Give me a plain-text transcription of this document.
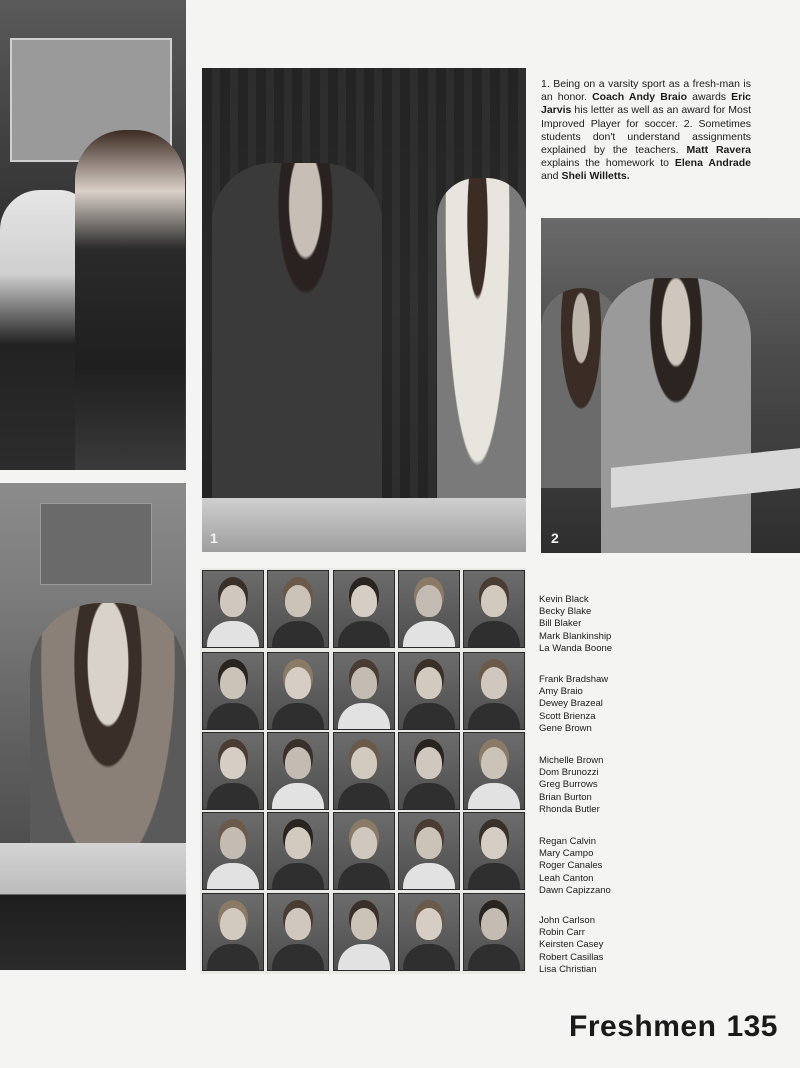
1	2
1. Being on a varsity sport as a fresh-man is an honor. Coach Andy Braio awards Eric Jarvis his letter as well as an award for Most Improved Player for soccer. 2. Sometimes students don't understand assignments explained by the teachers. Matt Ravera explains the homework to Elena Andrade and Sheli Willetts.
Kevin Black
Becky Blake
Bill Blaker
Mark Blankinship
La Wanda Boone
Frank Bradshaw
Amy Braio
Dewey Brazeal
Scott Brienza
Gene Brown
Michelle Brown
Dom Brunozzi
Greg Burrows
Brian Burton
Rhonda Butler
Regan Calvin
Mary Campo
Roger Canales
Leah Canton
Dawn Capizzano
John Carlson
Robin Carr
Keirsten Casey
Robert Casillas
Lisa Christian
Freshmen 135
